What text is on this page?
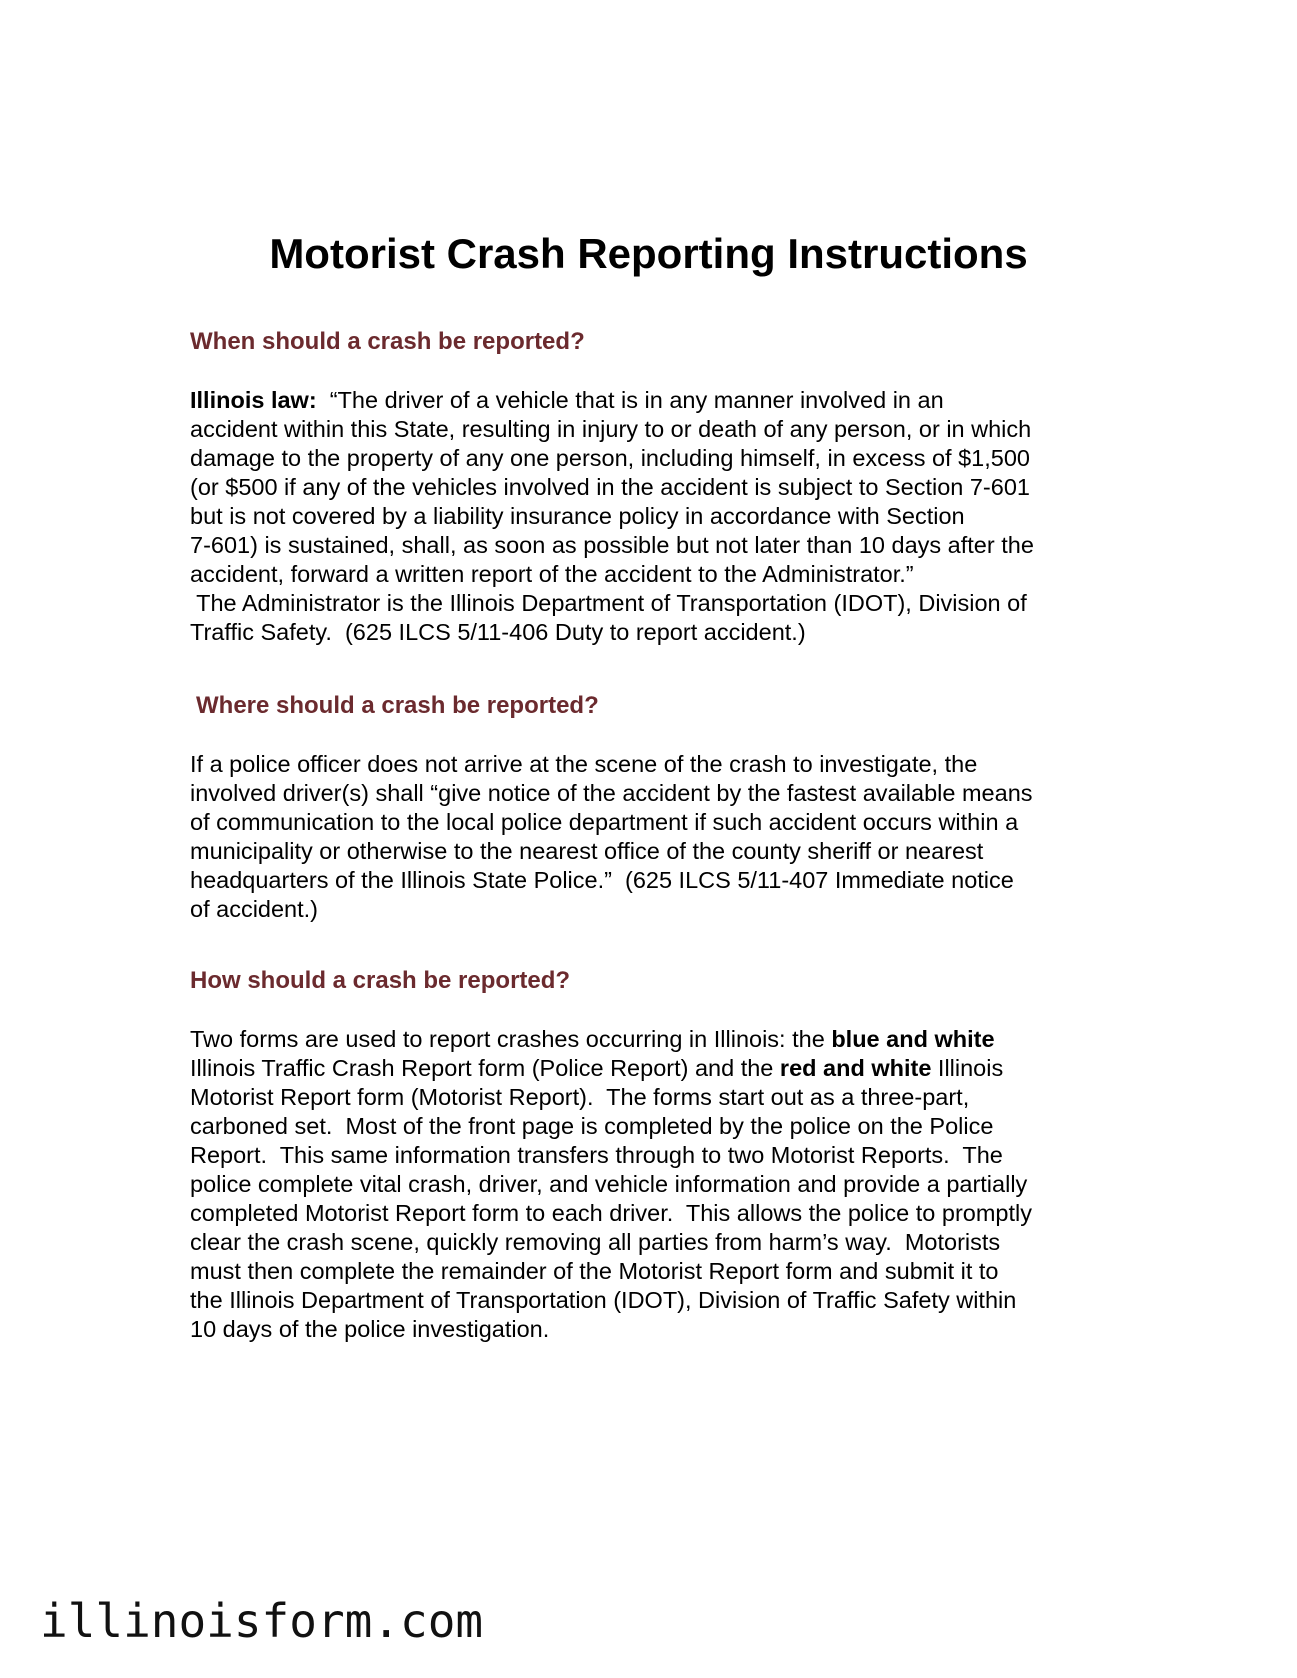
Motorist Crash Reporting Instructions
When should a crash be reported?

Illinois law:  “The driver of a vehicle that is in any manner involved in an
accident within this State, resulting in injury to or death of any person, or in which
damage to the property of any one person, including himself, in excess of $1,500
(or $500 if any of the vehicles involved in the accident is subject to Section 7-601
but is not covered by a liability insurance policy in accordance with Section
7-601) is sustained, shall, as soon as possible but not later than 10 days after the
accident, forward a written report of the accident to the Administrator.”
The Administrator is the Illinois Department of Transportation (IDOT), Division of
Traffic Safety.  (625 ILCS 5/11-406 Duty to report accident.)

Where should a crash be reported?

If a police officer does not arrive at the scene of the crash to investigate, the
involved driver(s) shall “give notice of the accident by the fastest available means
of communication to the local police department if such accident occurs within a
municipality or otherwise to the nearest office of the county sheriff or nearest
headquarters of the Illinois State Police.”  (625 ILCS 5/11-407 Immediate notice
of accident.)

How should a crash be reported?

Two forms are used to report crashes occurring in Illinois: the blue and white
Illinois Traffic Crash Report form (Police Report) and the red and white Illinois
Motorist Report form (Motorist Report).  The forms start out as a three-part,
carboned set.  Most of the front page is completed by the police on the Police
Report.  This same information transfers through to two Motorist Reports.  The
police complete vital crash, driver, and vehicle information and provide a partially
completed Motorist Report form to each driver.  This allows the police to promptly
clear the crash scene, quickly removing all parties from harm’s way.  Motorists
must then complete the remainder of the Motorist Report form and submit it to
the Illinois Department of Transportation (IDOT), Division of Traffic Safety within
10 days of the police investigation.

illinoisform.com
